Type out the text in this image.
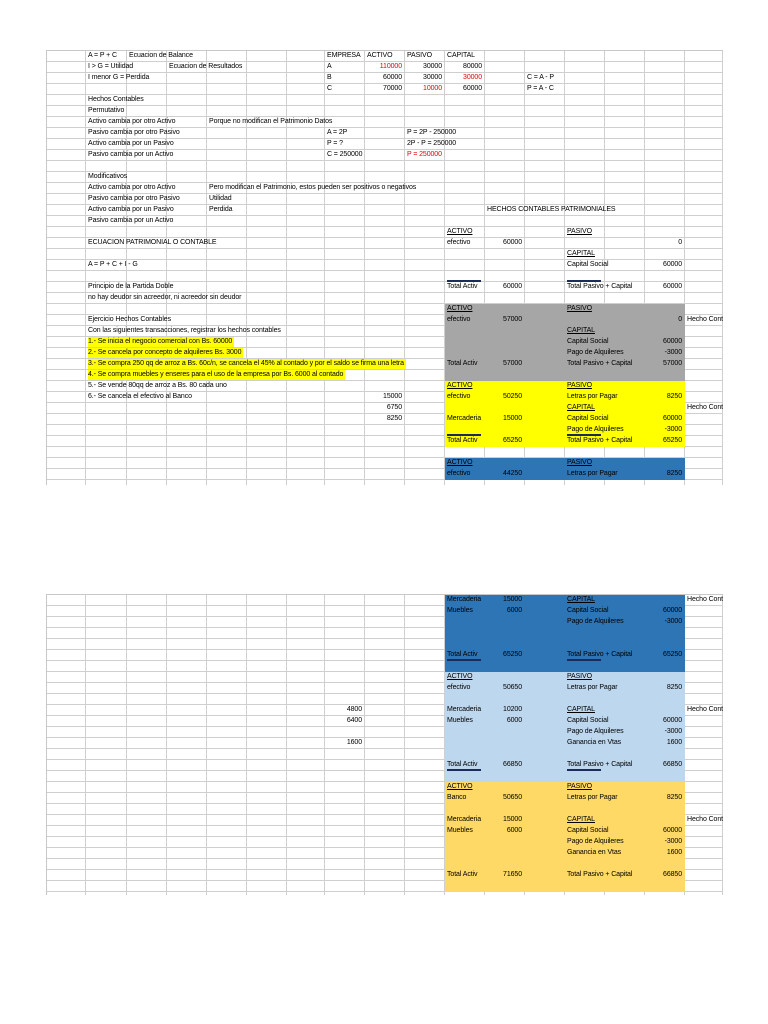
A = P + C Ecuacion de Balance	EMPRESA ACTIVO PASIVO CAPITAL
I > G = Utilidad	Ecuacion de Resultados	A	110000	30000	80000
I menor G = Perdida	B	60000	30000	30000	C = A - P
C	70000	10000	60000	P = A - C
Hechos Contables
Permutativo
Activo cambia por otro Activo	Porque no modifican el Patrimonio Datos
Pasivo cambia por otro Pasivo	A = 2P	P = 2P - 250000
Activo cambia por un Pasivo	P = ?	2P - P = 250000
Pasivo cambia por un Activo	C = 250000	P = 250000
Modificativos
Activo cambia por otro Activo	Pero modifican el Patrimonio, estos pueden ser positivos o negativos
Pasivo cambia por otro Pasivo	Utilidad
Activo cambia por un Pasivo	Perdida	HECHOS CONTABLES PATRIMONIALES
Pasivo cambia por un Activo
ACTIVO	PASIVO
ECUACION PATRIMONIAL O CONTABLE	efectivo	60000	0
CAPITAL
A = P + C + I - G	Capital Social	60000
Principio de la Partida Doble	Total Activ	60000	Total Pasivo + Capital	60000
no hay deudor sin acreedor, ni acreedor sin deudor
ACTIVO	PASIVO
Ejercicio Hechos Contables	efectivo	57000	0 Hecho Cont
Con las siguientes transacciones, registrar los hechos contables	CAPITAL
1.- Se inicia el negocio comercial con Bs. 60000	Capital Social	60000
2.- Se cancela por concepto de alquileres Bs. 3000	Pago de Alquileres	-3000
3.- Se compra 250 qq de arroz a Bs. 60c/n, se cancela el 45% al contado y por el saldo se firma una letra	Total Activ	57000	Total Pasivo + Capital	57000
4.- Se compra muebles y enseres para el uso de la empresa por Bs. 6000 al contado
5.- Se vende 80qq de arroz a Bs. 80 cada uno	ACTIVO	PASIVO
6.- Se cancela el efectivo al Banco	15000	efectivo	50250	Letras por Pagar	8250
6750	CAPITAL	Hecho Cont
8250	Mercaderia	15000	Capital Social	60000
Pago de Alquileres	-3000
Total Activ	65250	Total Pasivo + Capital	65250
ACTIVO	PASIVO
efectivo	44250	Letras por Pagar	8250
Mercaderia	15000	CAPITAL	Hecho Cont
Muebles	6000	Capital Social	60000
Pago de Alquileres	-3000
Total Activ	65250	Total Pasivo + Capital	65250
ACTIVO	PASIVO
efectivo	50650	Letras por Pagar	8250
4800	Mercaderia	10200	CAPITAL	Hecho Cont
6400	Muebles	6000	Capital Social	60000
Pago de Alquileres	-3000
1600	Ganancia en Vtas	1600
Total Activ	66850	Total Pasivo + Capital	66850
ACTIVO	PASIVO
Banco	50650	Letras por Pagar	8250
Mercaderia	15000	CAPITAL	Hecho Cont
Muebles	6000	Capital Social	60000
Pago de Alquileres	-3000
Ganancia en Vtas	1600
Total Activ	71650	Total Pasivo + Capital	66850
